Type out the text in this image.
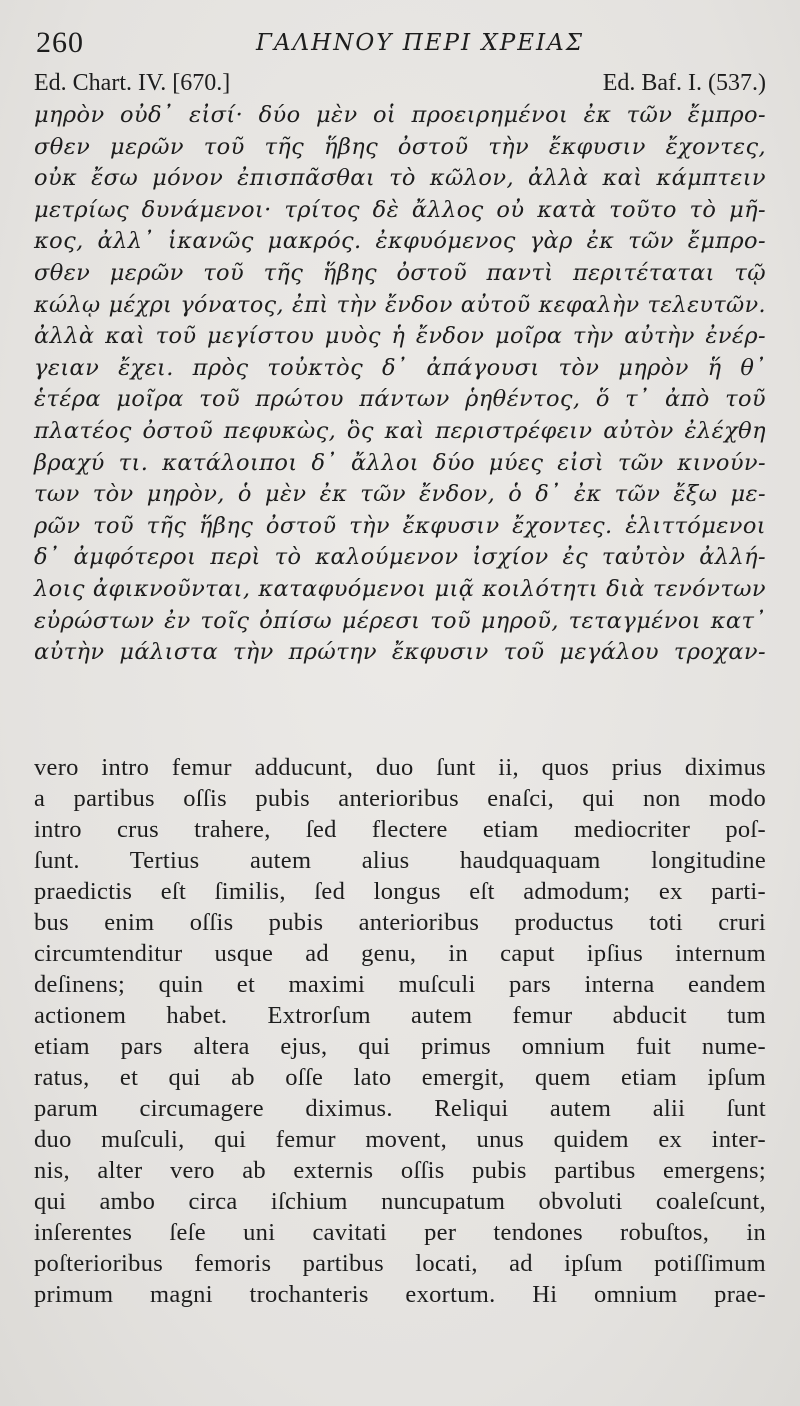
260	ΓΑΛΗΝΟΥ ΠΕΡΙ ΧΡΕΙΑΣ
Ed. Chart. IV. [670.]	Ed. Baf. I. (537.)
μηρὸν οὐδ᾽ εἰσί· δύο μὲν οἱ προειρημένοι ἐκ τῶν ἔμπρο-
σθεν μερῶν τοῦ τῆς ἥβης ὀστοῦ τὴν ἔκφυσιν ἔχοντες,
οὐκ ἔσω μόνον ἐπισπᾶσθαι τὸ κῶλον, ἀλλὰ καὶ κάμπτειν
μετρίως δυνάμενοι· τρίτος δὲ ἄλλος οὐ κατὰ τοῦτο τὸ μῆ-
κος, ἀλλ᾽ ἱκανῶς μακρός. ἐκφυόμενος γὰρ ἐκ τῶν ἔμπρο-
σθεν μερῶν τοῦ τῆς ἥβης ὀστοῦ παντὶ περιτέταται τῷ
κώλῳ μέχρι γόνατος, ἐπὶ τὴν ἔνδον αὐτοῦ κεφαλὴν τελευτῶν.
ἀλλὰ καὶ τοῦ μεγίστου μυὸς ἡ ἔνδον μοῖρα τὴν αὐτὴν ἐνέρ-
γειαν ἔχει. πρὸς τοὐκτὸς δ᾽ ἀπάγουσι τὸν μηρὸν ἥ θ᾽
ἑτέρα μοῖρα τοῦ πρώτου πάντων ῥηθέντος, ὅ τ᾽ ἀπὸ τοῦ
πλατέος ὀστοῦ πεφυκὼς, ὃς καὶ περιστρέφειν αὐτὸν ἐλέχθη
βραχύ τι. κατάλοιποι δ᾽ ἄλλοι δύο μύες εἰσὶ τῶν κινούν-
των τὸν μηρὸν, ὁ μὲν ἐκ τῶν ἔνδον, ὁ δ᾽ ἐκ τῶν ἔξω με-
ρῶν τοῦ τῆς ἥβης ὀστοῦ τὴν ἔκφυσιν ἔχοντες. ἑλιττόμενοι
δ᾽ ἀμφότεροι περὶ τὸ καλούμενον ἰσχίον ἐς ταὐτὸν ἀλλή-
λοις ἀφικνοῦνται, καταφυόμενοι μιᾷ κοιλότητι διὰ τενόντων
εὐρώστων ἐν τοῖς ὀπίσω μέρεσι τοῦ μηροῦ, τεταγμένοι κατ᾽
αὐτὴν μάλιστα τὴν πρώτην ἔκφυσιν τοῦ μεγάλου τροχαν-
vero intro femur adducunt, duo ſunt ii, quos prius diximus
a partibus oſſis pubis anterioribus enaſci, qui non modo
intro crus trahere, ſed flectere etiam mediocriter poſ-
ſunt. Tertius autem alius haudquaquam longitudine
praedictis eſt ſimilis, ſed longus eſt admodum; ex parti-
bus enim oſſis pubis anterioribus productus toti cruri
circumtenditur usque ad genu, in caput ipſius internum
deſinens; quin et maximi muſculi pars interna eandem
actionem habet. Extrorſum autem femur abducit tum
etiam pars altera ejus, qui primus omnium fuit nume-
ratus, et qui ab oſſe lato emergit, quem etiam ipſum
parum circumagere diximus. Reliqui autem alii ſunt
duo muſculi, qui femur movent, unus quidem ex inter-
nis, alter vero ab externis oſſis pubis partibus emergens;
qui ambo circa iſchium nuncupatum obvoluti coaleſcunt,
inſerentes ſeſe uni cavitati per tendones robuſtos, in
poſterioribus femoris partibus locati, ad ipſum potiſſimum
primum magni trochanteris exortum. Hi omnium prae-
